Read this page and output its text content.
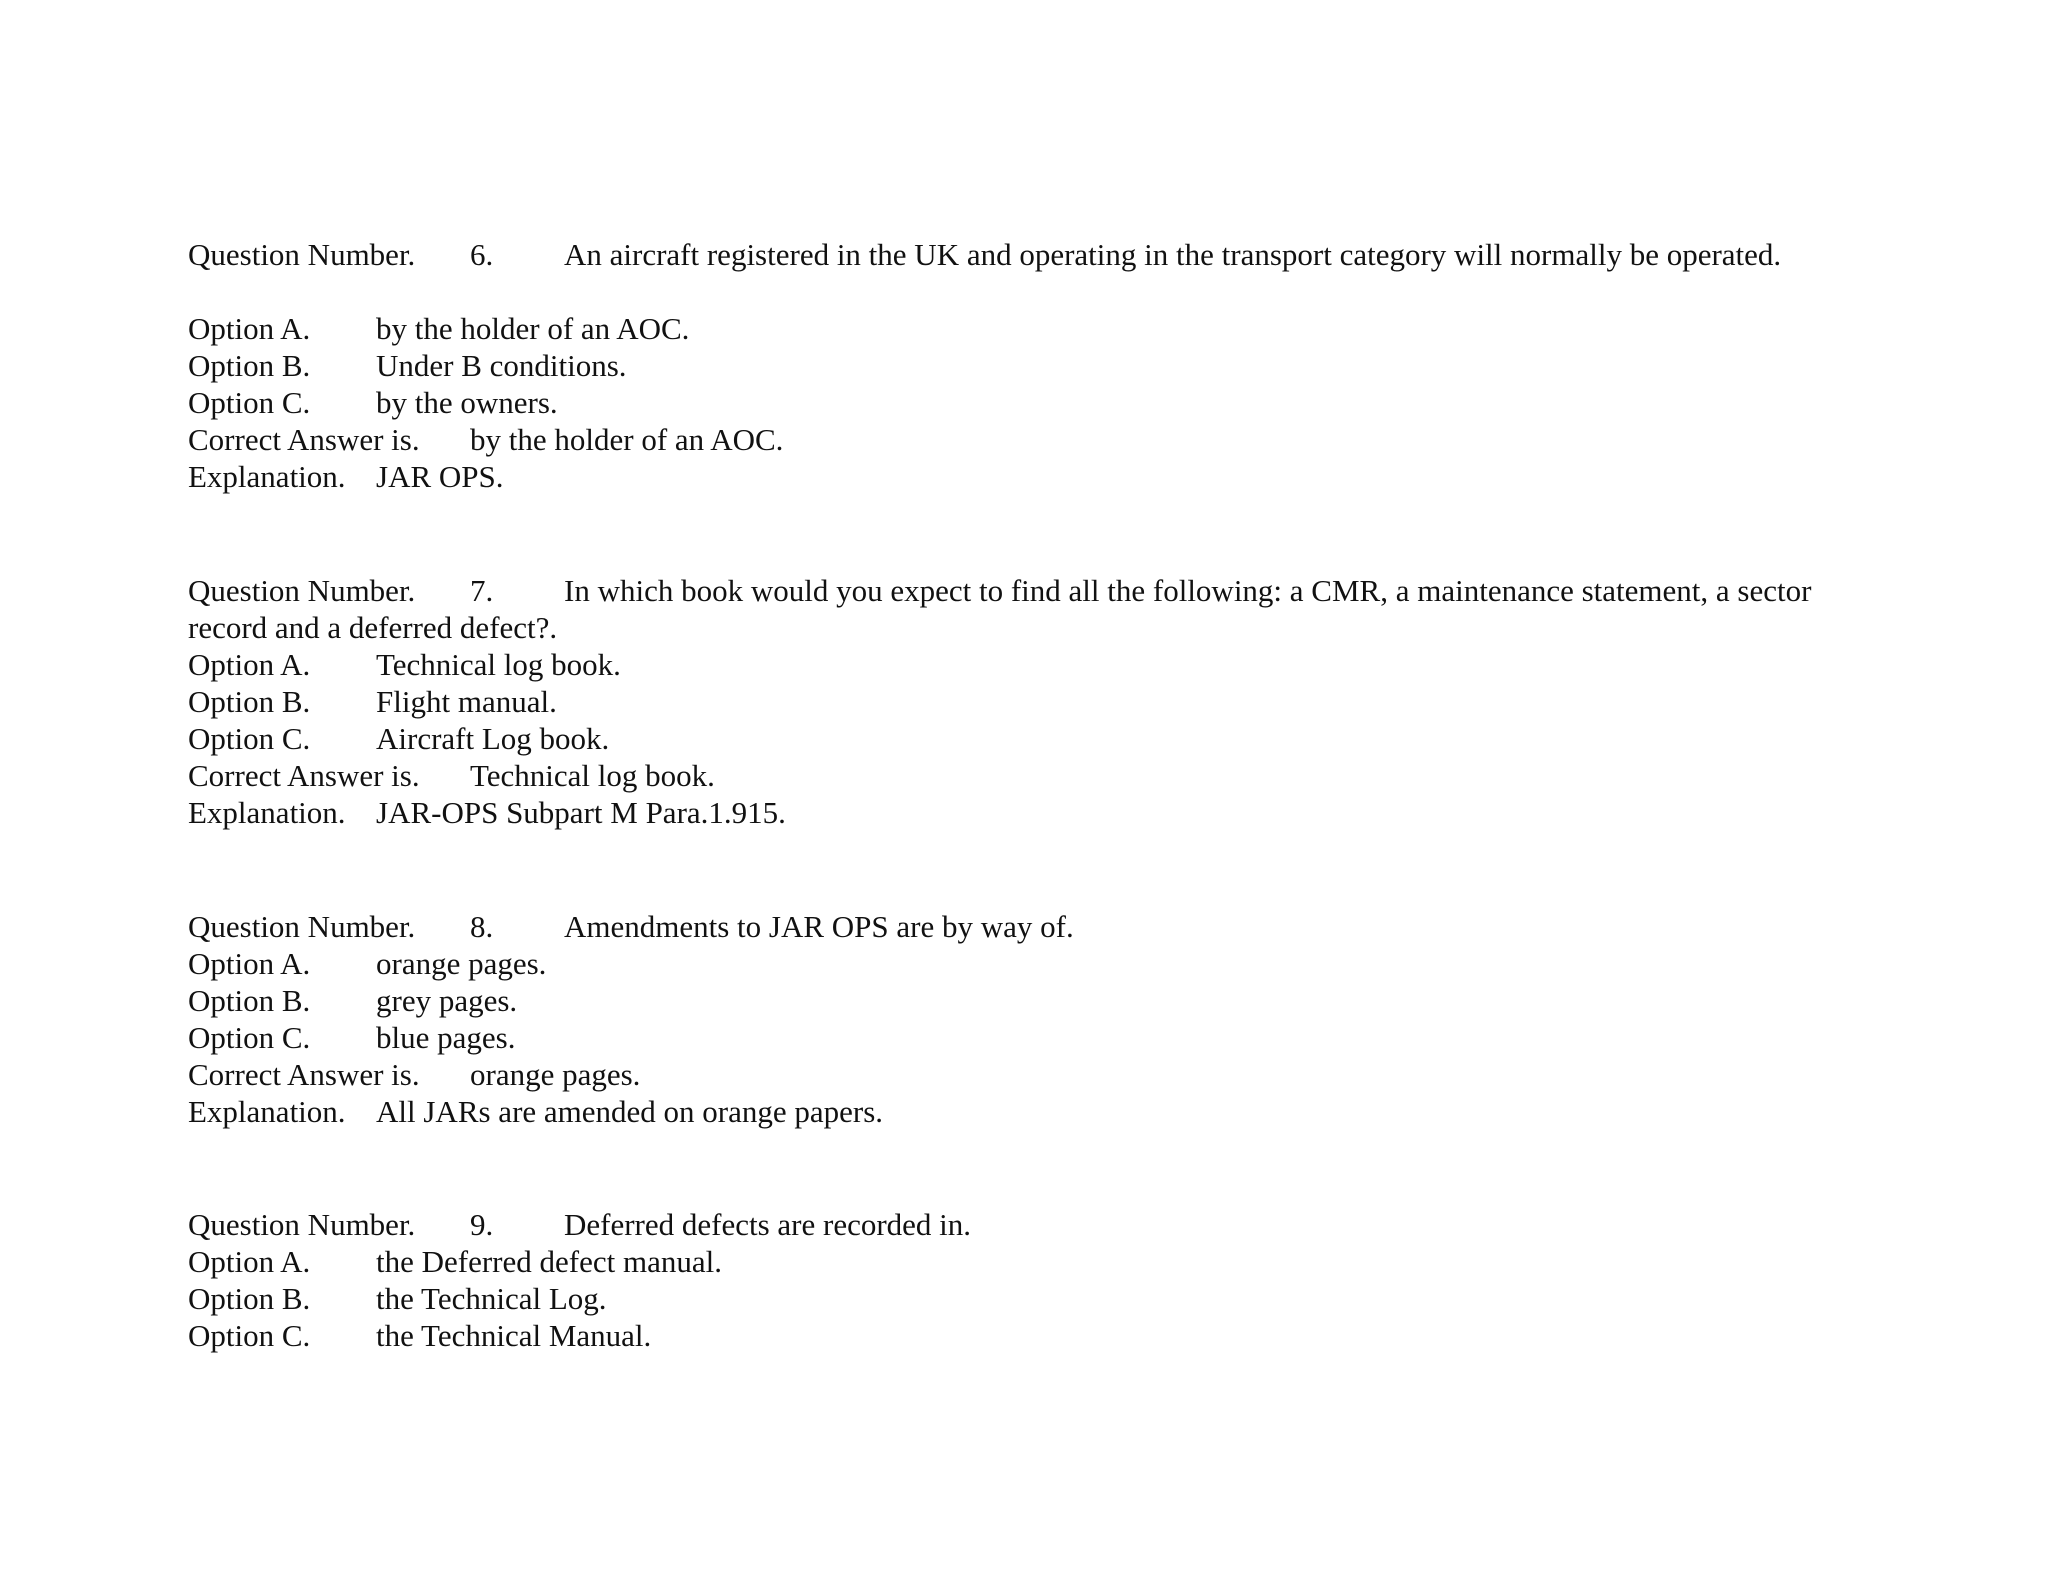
Question Number. 6. An aircraft registered in the UK and operating in the transport category will normally be operated.
Option A. by the holder of an AOC.
Option B. Under B conditions.
Option C. by the owners.
Correct Answer is. by the holder of an AOC.
Explanation. JAR OPS.
Question Number. 7. In which book would you expect to find all the following: a CMR, a maintenance statement, a sector record and a deferred defect?.
Option A. Technical log book.
Option B. Flight manual.
Option C. Aircraft Log book.
Correct Answer is. Technical log book.
Explanation. JAR-OPS Subpart M Para.1.915.
Question Number. 8. Amendments to JAR OPS are by way of.
Option A. orange pages.
Option B. grey pages.
Option C. blue pages.
Correct Answer is. orange pages.
Explanation. All JARs are amended on orange papers.
Question Number. 9. Deferred defects are recorded in.
Option A. the Deferred defect manual.
Option B. the Technical Log.
Option C. the Technical Manual.
